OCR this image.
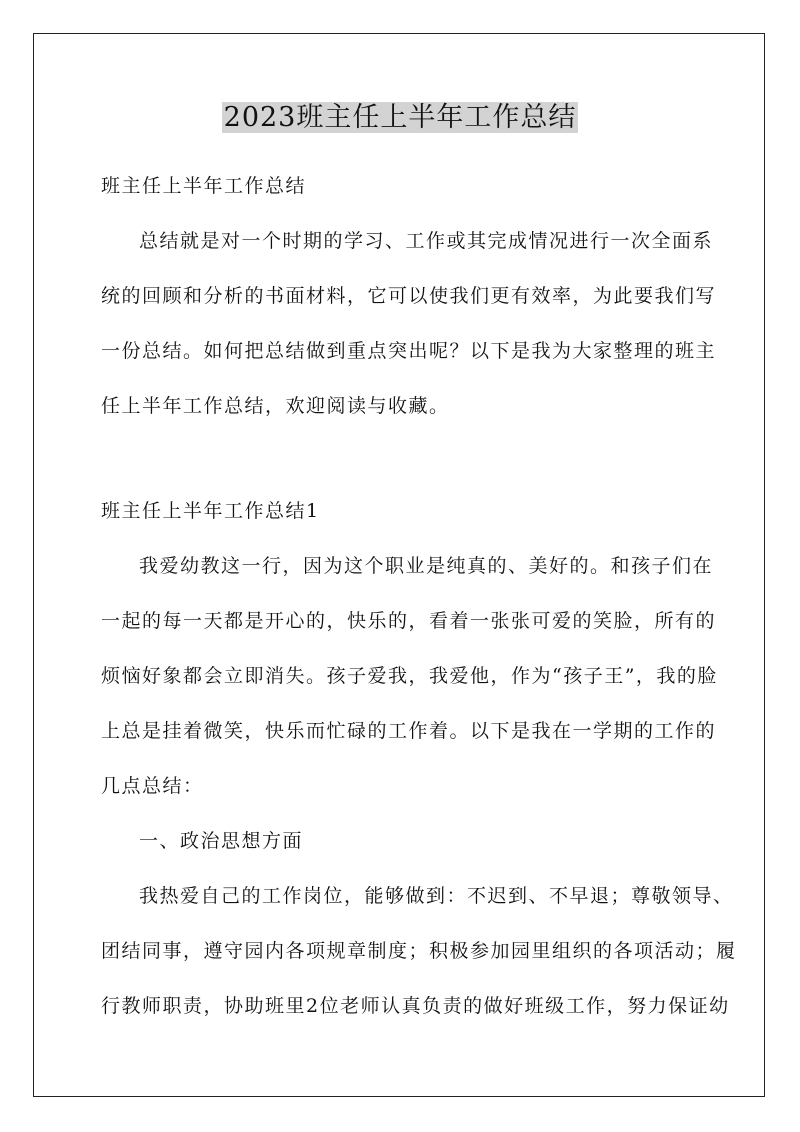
2023班主任上半年工作总结
班主任上半年工作总结
总结就是对一个时期的学习、工作或其完成情况进行一次全面系
统的回顾和分析的书面材料，它可以使我们更有效率，为此要我们写
一份总结。如何把总结做到重点突出呢？以下是我为大家整理的班主
任上半年工作总结，欢迎阅读与收藏。
班主任上半年工作总结1
我爱幼教这一行，因为这个职业是纯真的、美好的。和孩子们在
一起的每一天都是开心的，快乐的，看着一张张可爱的笑脸，所有的
烦恼好象都会立即消失。孩子爱我，我爱他，作为“孩子王”，我的脸
上总是挂着微笑，快乐而忙碌的工作着。以下是我在一学期的工作的
几点总结：
一、政治思想方面
我热爱自己的工作岗位，能够做到：不迟到、不早退；尊敬领导、
团结同事，遵守园内各项规章制度；积极参加园里组织的各项活动；履
行教师职责，协助班里2位老师认真负责的做好班级工作，努力保证幼
